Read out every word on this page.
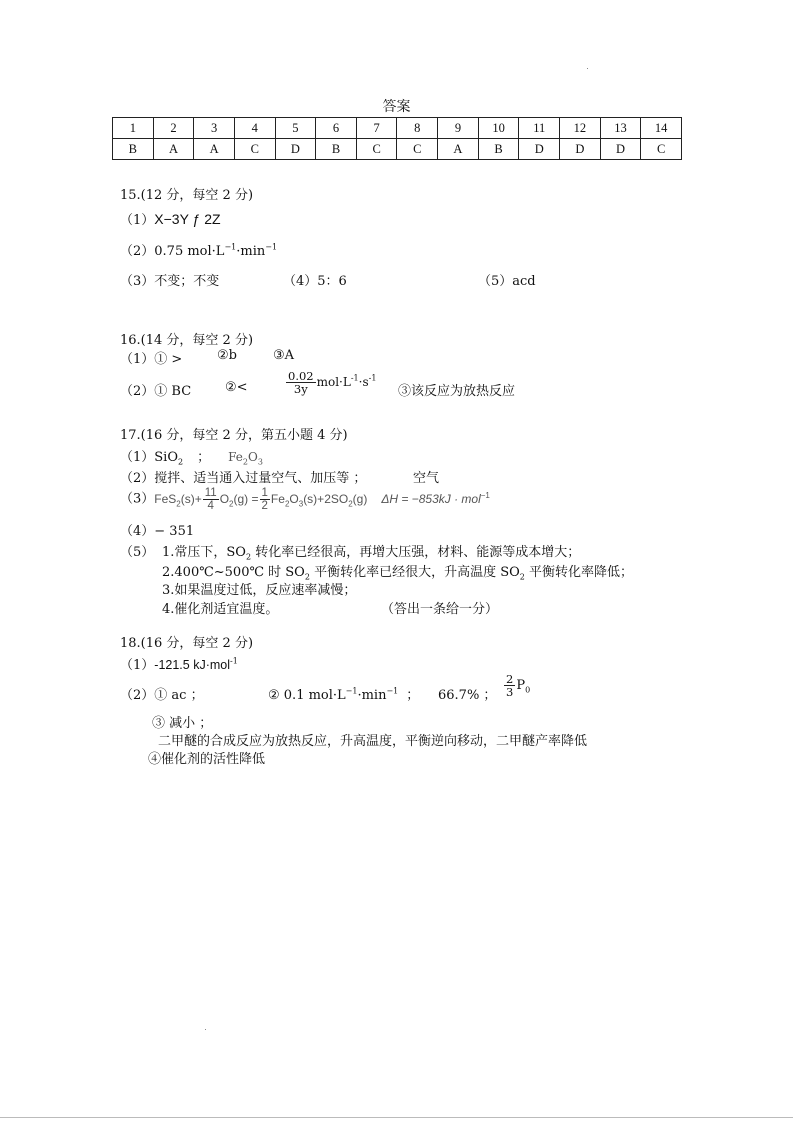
答案
1	2	3	4	5	6	7	8	9	10	11	12	13	14
B	A	A	C	D	B	C	C	A	B	D	D	D	C
15.(12 分，每空 2 分)
（1）X−3Y ƒ 2Z
（2）0.75 $mol\cdot L^{-1}\cdot\min^{-1}$
（3）不变；不变	（4）5：6	（5）acd
16.(14 分，每空 2 分)
（1）① >	②b	③A
（2）① BC	②<	$\frac{0.02}{3y} mol\cdot L^{-1}\cdot s^{-1}$
③该反应为放热反应
17.(16 分，每空 2 分，第五小题 4 分)
（1）SiO$_2$ ； $Fe_2O_3$
（2）搅拌、适当通入过量空气、加压等 ；	空气
$(3)FeS_2(s)+ \frac{11}{4} O_2(g) = \frac{1}{2} Fe_2O_3(s)+2SO_2(g) \Delta H = -853kJ \cdot mol^{-1}$
（4）− 351
（5） 1.常压下，$SO_2$ 转化率已经很高，再增大压强，材料、能源等成本增大；
2.400℃~500℃ 时 $SO_2$ 平衡转化率已经很大，升高温度 $SO_2$ 平衡转化率降低；
3.如果温度过低，反应速率减慢；
4.催化剂适宜温度。	（答出一条给一分）
18.(16 分，每空 2 分)
（1）-121.5 kJ·mol$^{-1}$
（2）① ac ；	② 0.1 $mol\cdot L^{-1}\cdot\min^{-1}$ ； 66.7% ； $\frac{2}{3} P_0$
③ 减小 ；
二甲醚的合成反应为放热反应，升高温度，平衡逆向移动，二甲醚产率降低
④催化剂的活性降低
